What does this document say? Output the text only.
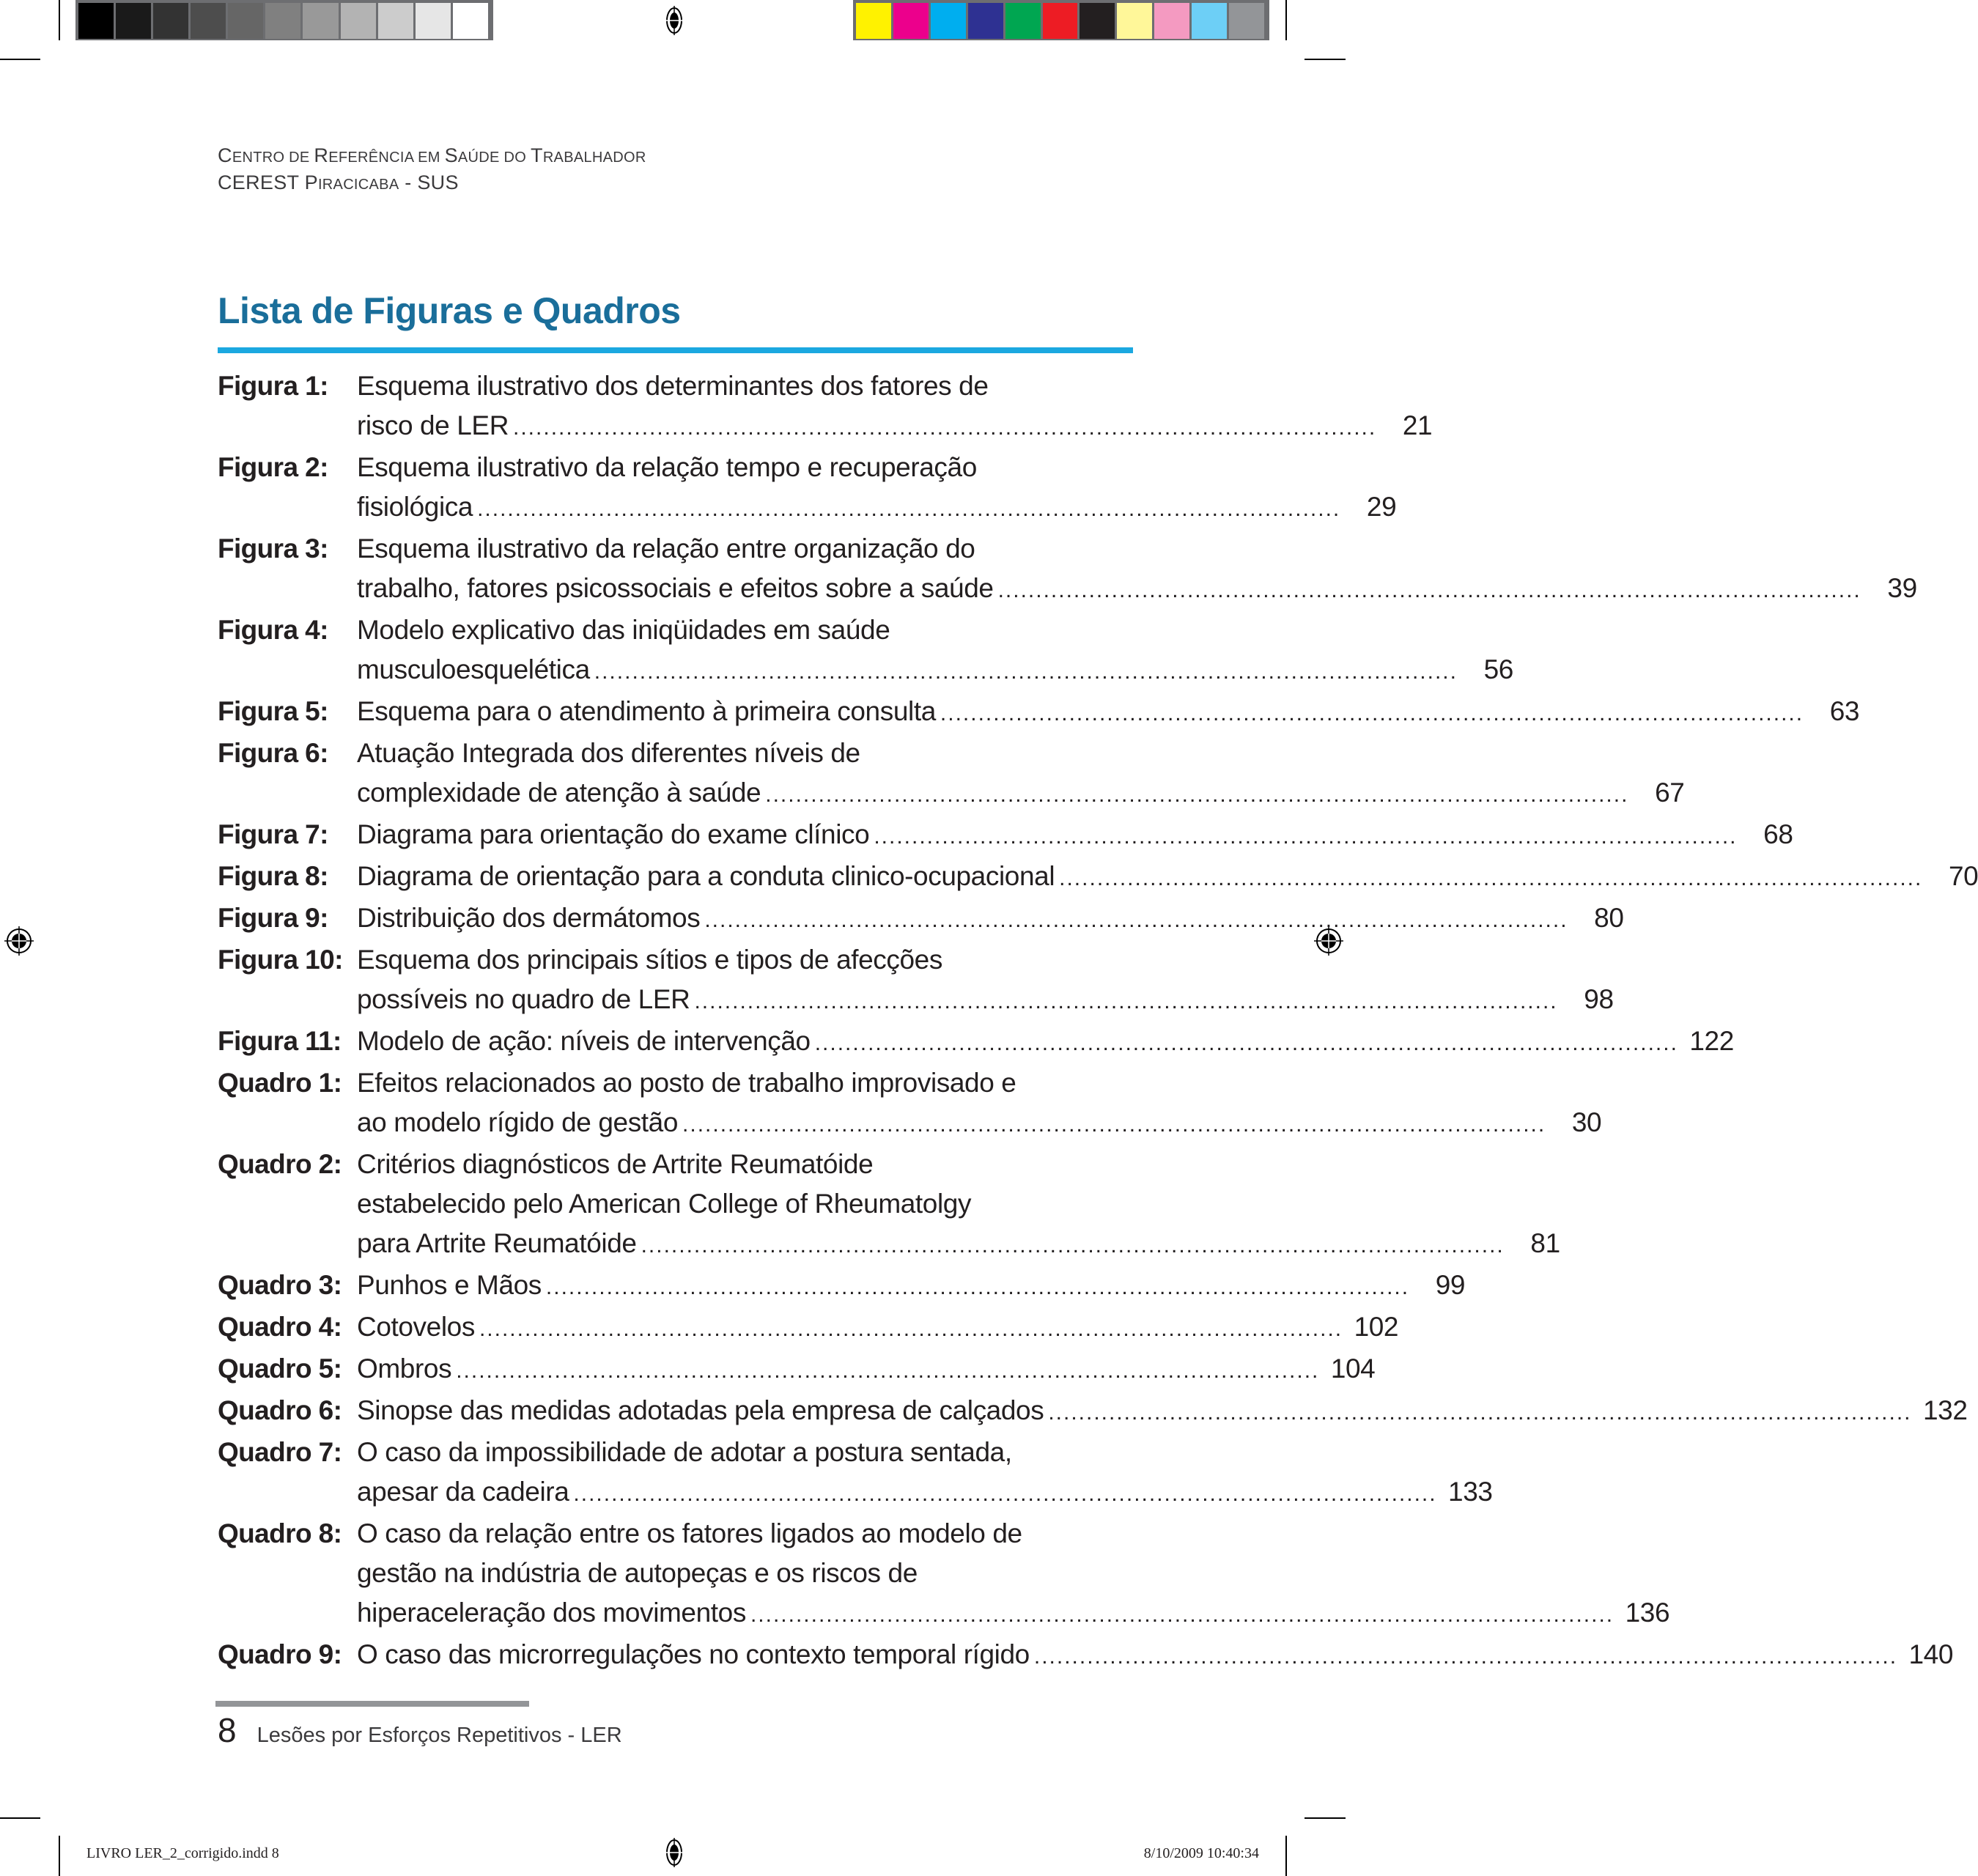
CENTRO DE REFERÊNCIA EM SAÚDE DO TRABALHADOR
CEREST PIRACICABA - SUS
Lista de Figuras e Quadros
Figura 1:	Esquema ilustrativo dos determinantes dos fatores de
risco de LER .................................................................................................................. 21
Figura 2:	Esquema ilustrativo da relação tempo e recuperação
fisiológica .................................................................................................................. 29
Figura 3:	Esquema ilustrativo da relação entre organização do
trabalho, fatores psicossociais e efeitos sobre a saúde .................................................................................................................. 39
Figura 4:	Modelo explicativo das iniqüidades em saúde
musculoesquelética .................................................................................................................. 56
Figura 5:	Esquema para o atendimento à primeira consulta .................................................................................................................. 63
Figura 6:	Atuação Integrada dos diferentes níveis de
complexidade de atenção à saúde .................................................................................................................. 67
Figura 7:	Diagrama para orientação do exame clínico .................................................................................................................. 68
Figura 8:	Diagrama de orientação para a conduta clinico-ocupacional .................................................................................................................. 70
Figura 9:	Distribuição dos dermátomos .................................................................................................................. 80
Figura 10: Esquema dos principais sítios e tipos de afecções
possíveis no quadro de LER .................................................................................................................. 98
Figura 11: Modelo de ação: níveis de intervenção .................................................................................................................. 122
Quadro 1: Efeitos relacionados ao posto de trabalho improvisado e
ao modelo rígido de gestão .................................................................................................................. 30
Quadro 2: Critérios diagnósticos de Artrite Reumatóide
estabelecido pelo American College of Rheumatolgy
para Artrite Reumatóide .................................................................................................................. 81
Quadro 3: Punhos e Mãos .................................................................................................................. 99
Quadro 4: Cotovelos .................................................................................................................. 102
Quadro 5: Ombros .................................................................................................................. 104
Quadro 6: Sinopse das medidas adotadas pela empresa de calçados .................................................................................................................. 132
Quadro 7: O caso da impossibilidade de adotar a postura sentada,
apesar da cadeira .................................................................................................................. 133
Quadro 8: O caso da relação entre os fatores ligados ao modelo de
gestão na indústria de autopeças e os riscos de
hiperaceleração dos movimentos .................................................................................................................. 136
Quadro 9: O caso das microrregulações no contexto temporal rígido .................................................................................................................. 140
8 Lesões por Esforços Repetitivos - LER
LIVRO LER_2_corrigido.indd 8	8/10/2009 10:40:34
